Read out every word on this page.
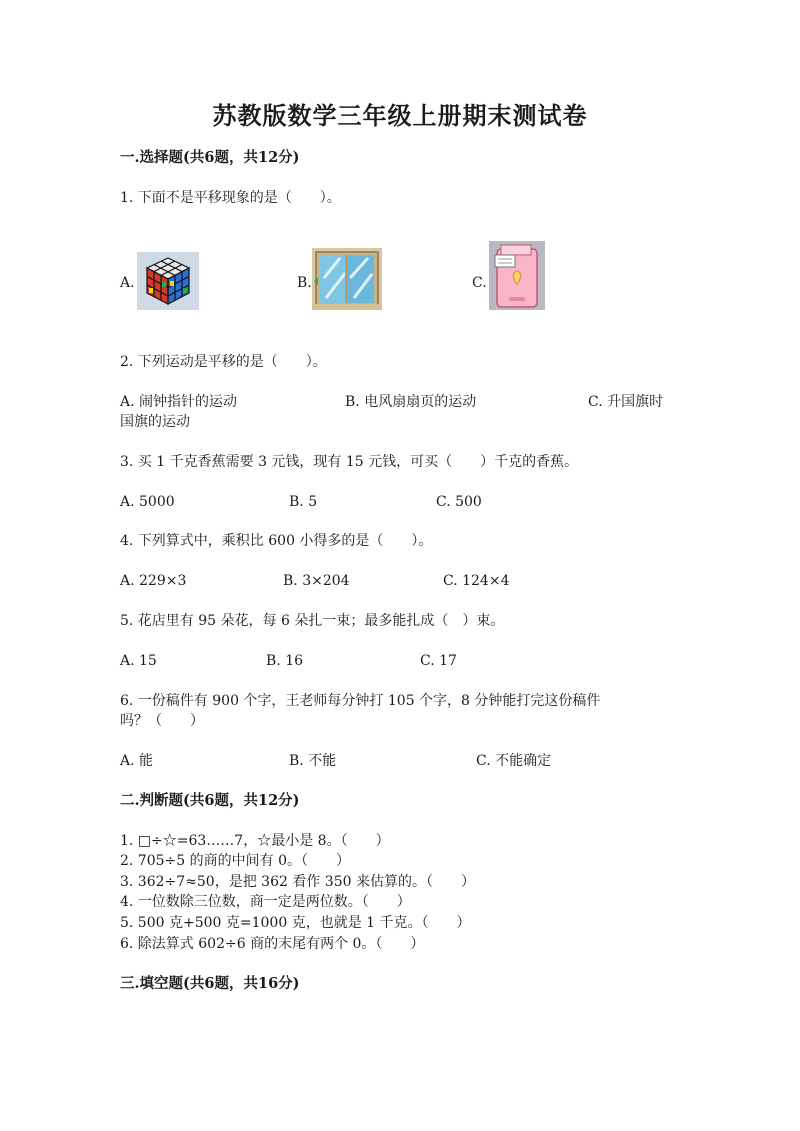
苏教版数学三年级上册期末测试卷
一.选择题(共6题，共12分)
1. 下面不是平移现象的是（　　）。
A.	B.	C.
2. 下列运动是平移的是（　　）。
A. 闹钟指针的运动	B. 电风扇扇页的运动	C. 升国旗时
国旗的运动
3. 买 1 千克香蕉需要 3 元钱，现有 15 元钱，可买（　　）千克的香蕉。
A. 5000	B. 5	C. 500
4. 下列算式中，乘积比 600 小得多的是（　　）。
A. 229×3	B. 3×204	C. 124×4
5. 花店里有 95 朵花，每 6 朵扎一束；最多能扎成（　）束。
A. 15	B. 16	C. 17
6. 一份稿件有 900 个字，王老师每分钟打 105 个字，8 分钟能打完这份稿件
吗？（　　）
A. 能	B. 不能	C. 不能确定
二.判断题(共6题，共12分)
1. □÷☆=63……7，☆最小是 8。（　　）
2. 705÷5 的商的中间有 0。（　　）
3. 362÷7≈50，是把 362 看作 350 来估算的。（　　）
4. 一位数除三位数，商一定是两位数。（　　）
5. 500 克+500 克=1000 克，也就是 1 千克。（　　）
6. 除法算式 602÷6 商的末尾有两个 0。（　　）
三.填空题(共6题，共16分)
